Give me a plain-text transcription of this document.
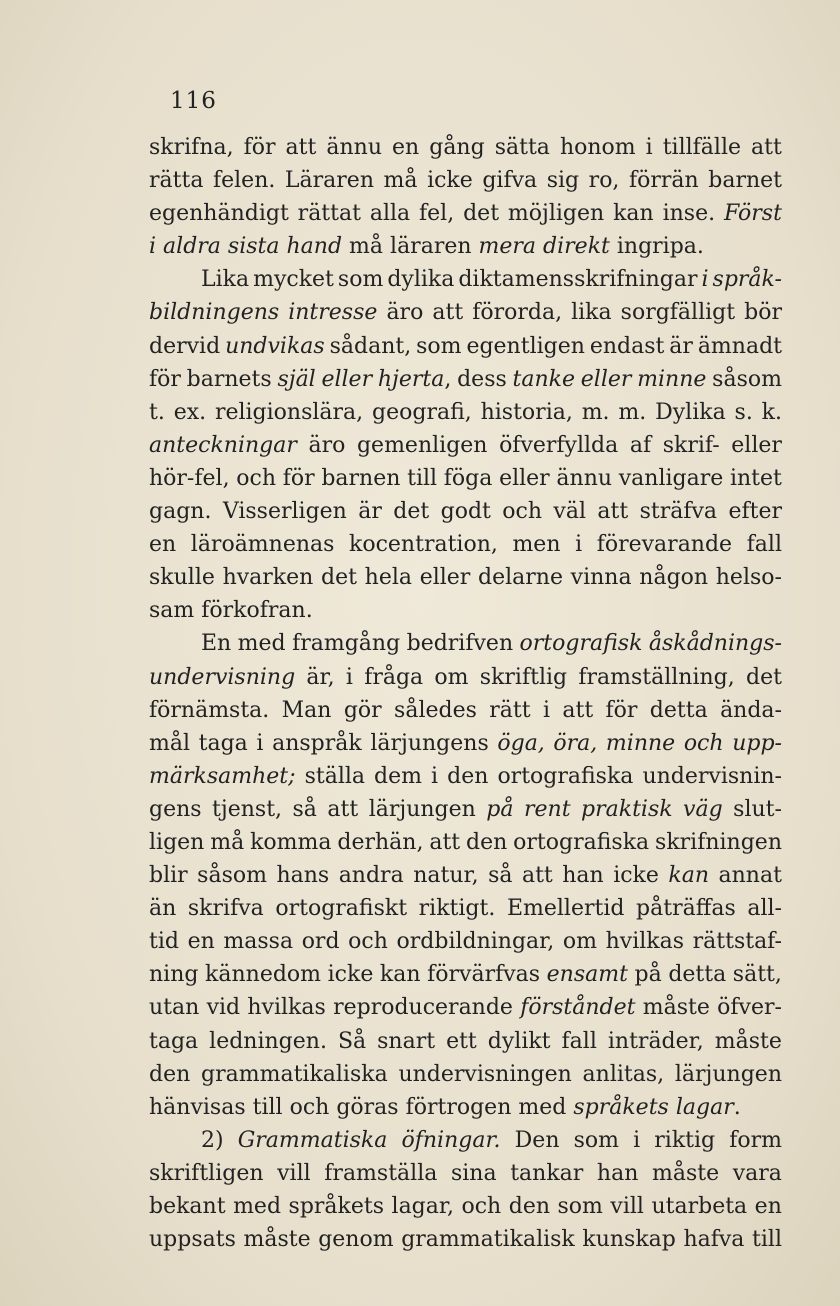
116
skrifna, för att ännu en gång sätta honom i tillfälle att
rätta felen. Läraren må icke gifva sig ro, förrän barnet
egenhändigt rättat alla fel, det möjligen kan inse. Först
i aldra sista hand må läraren mera direkt ingripa.
Lika mycket som dylika diktamensskrifningar i språk-
bildningens intresse äro att förorda, lika sorgfälligt bör
dervid undvikas sådant, som egentligen endast är ämnadt
för barnets själ eller hjerta, dess tanke eller minne såsom
t. ex. religionslära, geografi, historia, m. m. Dylika s. k.
anteckningar äro gemenligen öfverfyllda af skrif- eller
hör-fel, och för barnen till föga eller ännu vanligare intet
gagn. Visserligen är det godt och väl att sträfva efter
en läroämnenas kocentration, men i förevarande fall
skulle hvarken det hela eller delarne vinna någon helso-
sam förkofran.
En med framgång bedrifven ortografisk åskådnings-
undervisning är, i fråga om skriftlig framställning, det
förnämsta. Man gör således rätt i att för detta ända-
mål taga i anspråk lärjungens öga, öra, minne och upp-
märksamhet; ställa dem i den ortografiska undervisnin-
gens tjenst, så att lärjungen på rent praktisk väg slut-
ligen må komma derhän, att den ortografiska skrifningen
blir såsom hans andra natur, så att han icke kan annat
än skrifva ortografiskt riktigt. Emellertid påträffas all-
tid en massa ord och ordbildningar, om hvilkas rättstaf-
ning kännedom icke kan förvärfvas ensamt på detta sätt,
utan vid hvilkas reproducerande förståndet måste öfver-
taga ledningen. Så snart ett dylikt fall inträder, måste
den grammatikaliska undervisningen anlitas, lärjungen
hänvisas till och göras förtrogen med språkets lagar.
2) Grammatiska öfningar. Den som i riktig form
skriftligen vill framställa sina tankar han måste vara
bekant med språkets lagar, och den som vill utarbeta en
uppsats måste genom grammatikalisk kunskap hafva till
